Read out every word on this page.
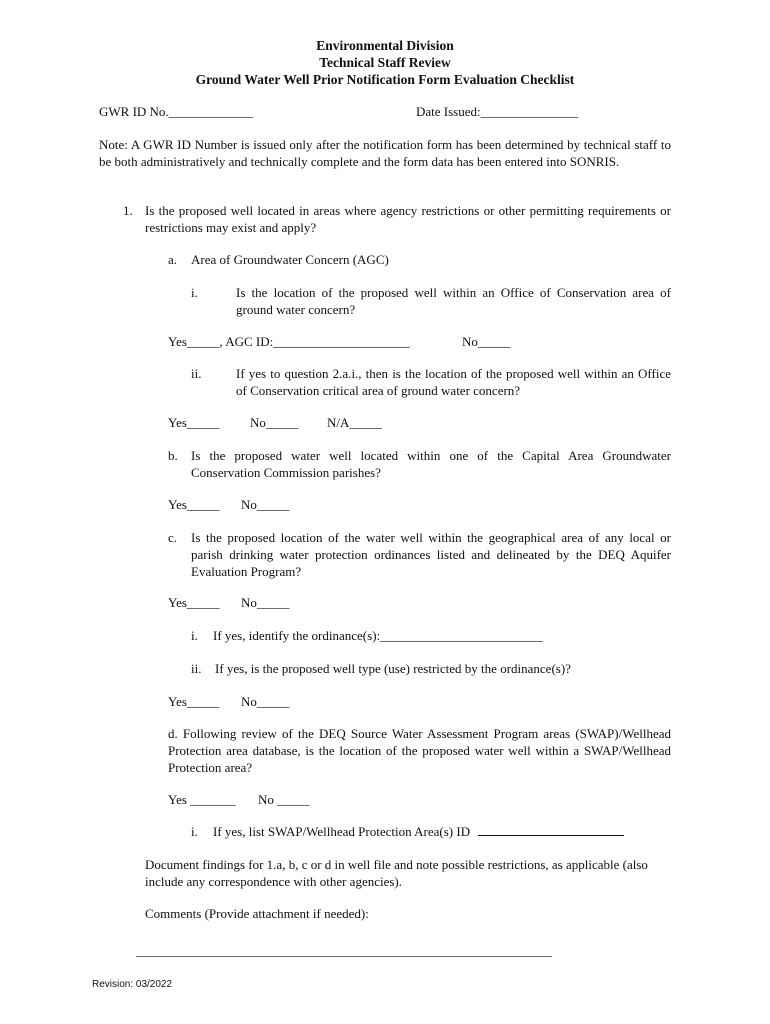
Environmental Division
Technical Staff Review
Ground Water Well Prior Notification Form Evaluation Checklist
GWR ID No._____________	Date Issued:_______________
Note: A GWR ID Number is issued only after the notification form has been determined by technical staff to be both administratively and technically complete and the form data has been entered into SONRIS.
1. Is the proposed well located in areas where agency restrictions or other permitting requirements or restrictions may exist and apply?
a. Area of Groundwater Concern (AGC)
i.	Is the location of the proposed well within an Office of Conservation area of ground water concern?
Yes_____, AGC ID:_____________________	No_____
ii.	If yes to question 2.a.i., then is the location of the proposed well within an Office of Conservation critical area of ground water concern?
Yes_____ No_____ N/A_____
b. Is the proposed water well located within one of the Capital Area Groundwater Conservation Commission parishes?
Yes_____ No_____
c. Is the proposed location of the water well within the geographical area of any local or parish drinking water protection ordinances listed and delineated by the DEQ Aquifer Evaluation Program?
Yes_____ No_____
i. If yes, identify the ordinance(s):_________________________
ii. If yes, is the proposed well type (use) restricted by the ordinance(s)?
Yes_____ No_____
d. Following review of the DEQ Source Water Assessment Program areas (SWAP)/Wellhead Protection area database, is the location of the proposed water well within a SWAP/Wellhead Protection area?
Yes _______ No _____
i. If yes, list SWAP/Wellhead Protection Area(s) ID
Document findings for 1.a, b, c or d in well file and note possible restrictions, as applicable (also include any correspondence with other agencies).
Comments (Provide attachment if needed):
________________________________________________________________
Revision: 03/2022
